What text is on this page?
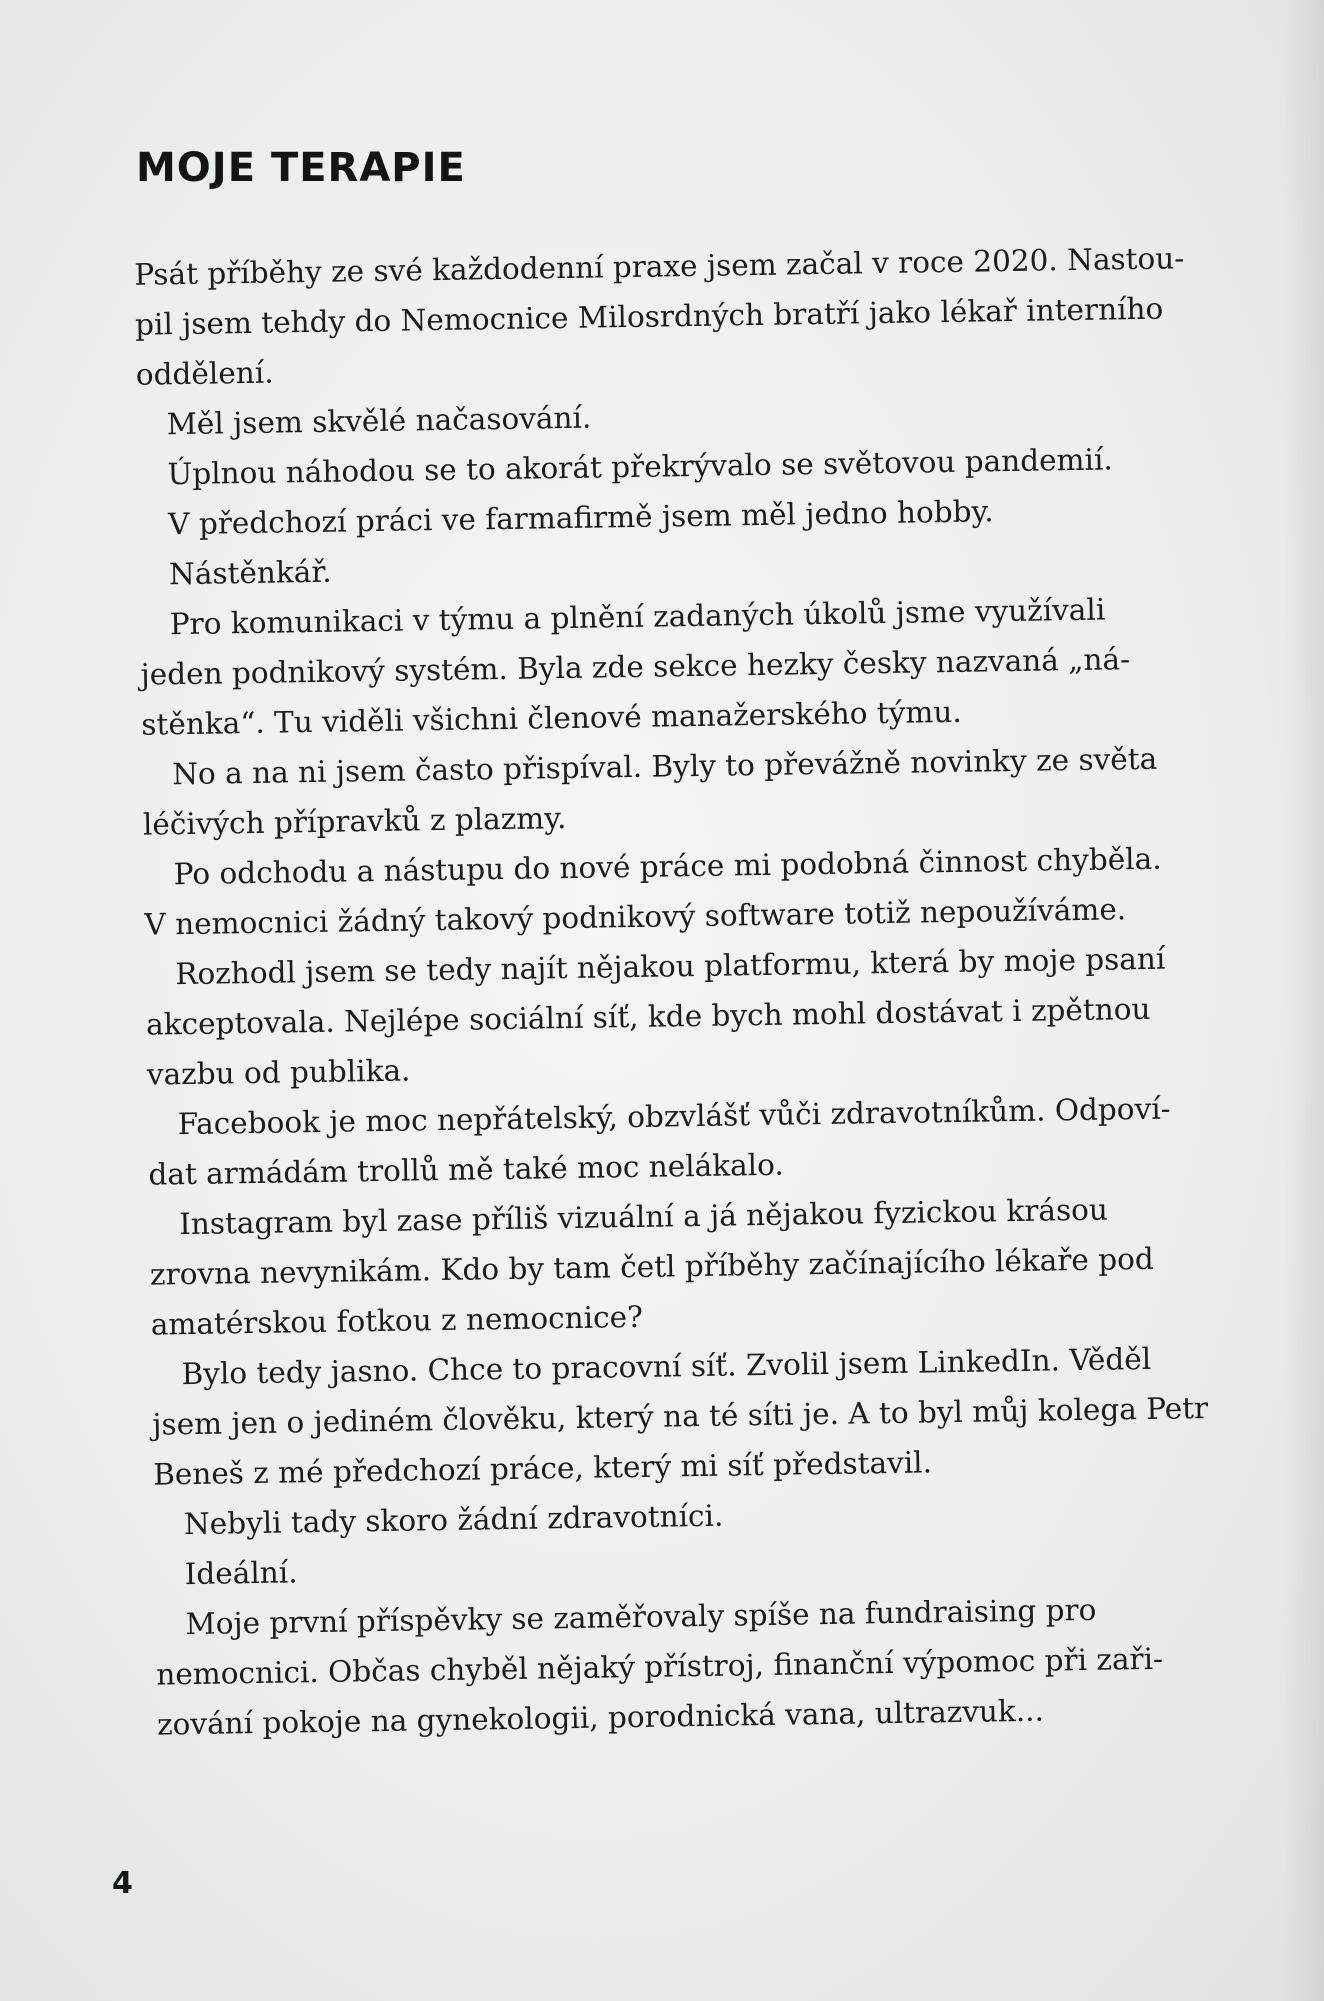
MOJE TERAPIE
Psát příběhy ze své každodenní praxe jsem začal v roce 2020. Nastou-
pil jsem tehdy do Nemocnice Milosrdných bratří jako lékař interního
oddělení.
Měl jsem skvělé načasování.
Úplnou náhodou se to akorát překrývalo se světovou pandemií.
V předchozí práci ve farmafirmě jsem měl jedno hobby.
Nástěnkář.
Pro komunikaci v týmu a plnění zadaných úkolů jsme využívali
jeden podnikový systém. Byla zde sekce hezky česky nazvaná „ná-
stěnka“. Tu viděli všichni členové manažerského týmu.
No a na ni jsem často přispíval. Byly to převážně novinky ze světa
léčivých přípravků z plazmy.
Po odchodu a nástupu do nové práce mi podobná činnost chyběla.
V nemocnici žádný takový podnikový software totiž nepoužíváme.
Rozhodl jsem se tedy najít nějakou platformu, která by moje psaní
akceptovala. Nejlépe sociální síť, kde bych mohl dostávat i zpětnou
vazbu od publika.
Facebook je moc nepřátelský, obzvlášť vůči zdravotníkům. Odpoví-
dat armádám trollů mě také moc nelákalo.
Instagram byl zase příliš vizuální a já nějakou fyzickou krásou
zrovna nevynikám. Kdo by tam četl příběhy začínajícího lékaře pod
amatérskou fotkou z nemocnice?
Bylo tedy jasno. Chce to pracovní síť. Zvolil jsem LinkedIn. Věděl
jsem jen o jediném člověku, který na té síti je. A to byl můj kolega Petr
Beneš z mé předchozí práce, který mi síť představil.
Nebyli tady skoro žádní zdravotníci.
Ideální.
Moje první příspěvky se zaměřovaly spíše na fundraising pro
nemocnici. Občas chyběl nějaký přístroj, finanční výpomoc při zaři-
zování pokoje na gynekologii, porodnická vana, ultrazvuk...

4
